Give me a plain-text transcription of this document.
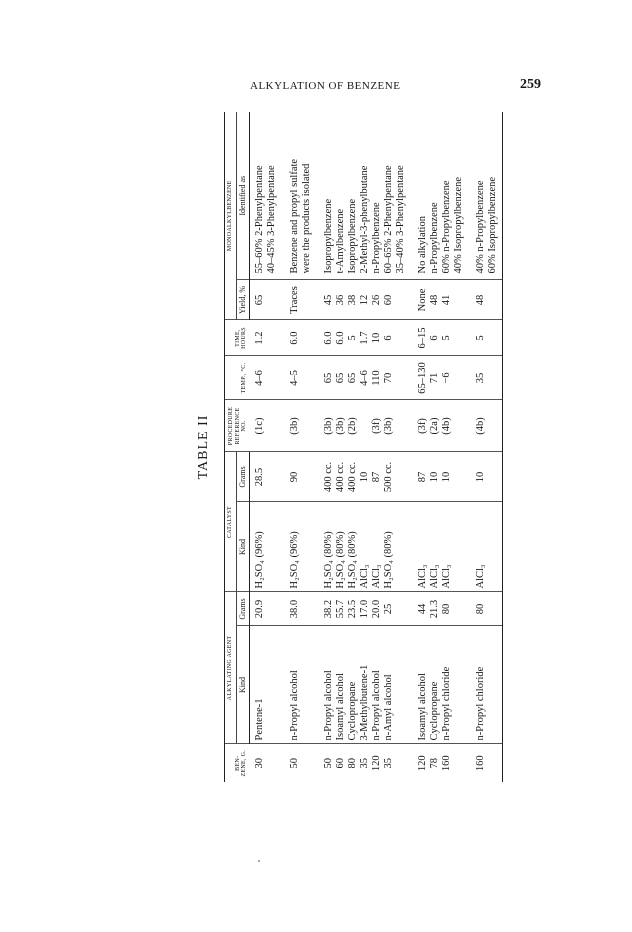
ALKYLATION OF BENZENE	259
TABLE II
BEN-ZENE, G.	ALKYLATING AGENT		CATALYST		PROCEDURE REFERENCE NO.	TEMP., °C.	TIME, HOURS	MONOALKYLBENZENE	
	Kind	Grams	Kind	Grams				Yield, %	Identified as
30	Pentene-1	20.9	H₂SO₄ (96%)	28.5	(1c)	4–6	1.2	65	55–60% 2-Phenylpentane 40–45% 3-Phenylpentane

50	n-Propyl alcohol	38.0	H₂SO₄ (96%)	90	(3b)	4–5	6.0	Traces	Benzene and propyl sulfate were the products isolated

50	n-Propyl alcohol	38.2	H₂SO₄ (80%)	400 cc.	(3b)	65	6.0	45	Isopropylbenzene

60	Isoamyl alcohol	55.7	H₂SO₄ (80%)	400 cc.	(3b)	65	6.0	36	t-Amylbenzene

80	Cyclopropane	23.5	H₂SO₄ (80%)	400 cc.	(2b)	65	5	38	Isopropylbenzene

35	3-Methylbutene-1	17.0	AlCl₃	10		4–6	1.7	12	2-Methyl-3-phenylbutane

120	n-Propyl alcohol	20.0	AlCl₃	87	(3f)	110	10	26	n-Propylbenzene

35	n-Amyl alcohol	25	H₂SO₄ (80%)	500 cc.	(3b)	70	6	60	60–65% 2-Phenylpentane 35–40% 3-Phenylpentane

120	Isoamyl alcohol	44	AlCl₃	87	(3f)	65–130	6–15	None	No alkylation

78	Cyclopropane	21.3	AlCl₃	10	(2a)	71	6	48	n-Propylbenzene

160	n-Propyl chloride	80	AlCl₃	10	(4b)	−6	5	41	60% n-Propylbenzene 40% Isopropylbenzene

160	n-Propyl chloride	80	AlCl₃	10	(4b)	35	5	48	40% n-Propylbenzene 60% Isopropylbenzene
